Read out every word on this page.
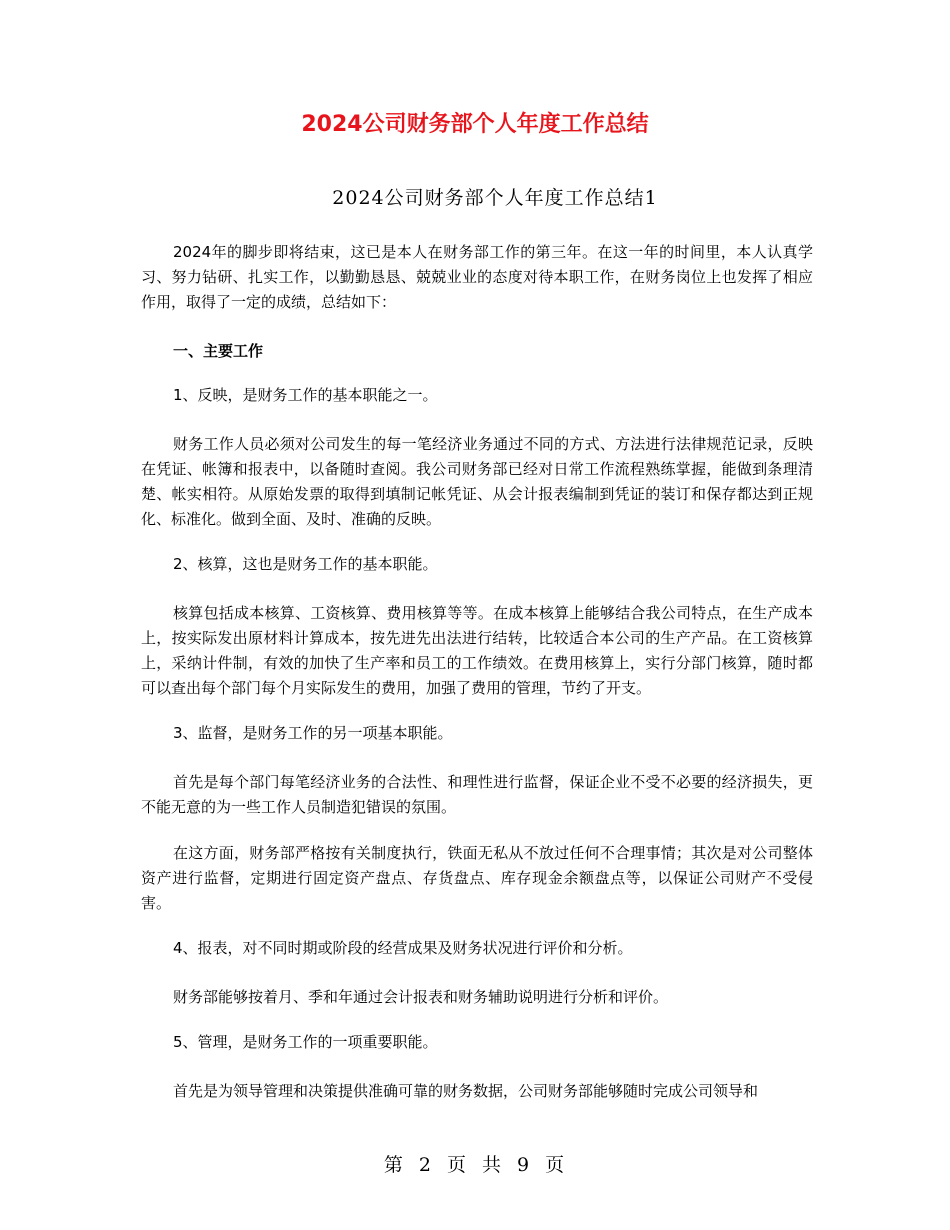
2024公司财务部个人年度工作总结
2024公司财务部个人年度工作总结1

2024年的脚步即将结束，这已是本人在财务部工作的第三年。在这一年的时间里，本人认真学习、努力钻研、扎实工作，以勤勤恳恳、兢兢业业的态度对待本职工作，在财务岗位上也发挥了相应作用，取得了一定的成绩，总结如下：

一、主要工作

1、反映，是财务工作的基本职能之一。

财务工作人员必须对公司发生的每一笔经济业务通过不同的方式、方法进行法律规范记录，反映在凭证、帐簿和报表中，以备随时查阅。我公司财务部已经对日常工作流程熟练掌握，能做到条理清楚、帐实相符。从原始发票的取得到填制记帐凭证、从会计报表编制到凭证的装订和保存都达到正规化、标准化。做到全面、及时、准确的反映。

2、核算，这也是财务工作的基本职能。

核算包括成本核算、工资核算、费用核算等等。在成本核算上能够结合我公司特点，在生产成本上，按实际发出原材料计算成本，按先进先出法进行结转，比较适合本公司的生产产品。在工资核算上，采纳计件制，有效的加快了生产率和员工的工作绩效。在费用核算上，实行分部门核算，随时都可以查出每个部门每个月实际发生的费用，加强了费用的管理，节约了开支。

3、监督，是财务工作的另一项基本职能。

首先是每个部门每笔经济业务的合法性、和理性进行监督，保证企业不受不必要的经济损失，更不能无意的为一些工作人员制造犯错误的氛围。

在这方面，财务部严格按有关制度执行，铁面无私从不放过任何不合理事情；其次是对公司整体资产进行监督，定期进行固定资产盘点、存货盘点、库存现金余额盘点等，以保证公司财产不受侵害。

4、报表，对不同时期或阶段的经营成果及财务状况进行评价和分析。

财务部能够按着月、季和年通过会计报表和财务辅助说明进行分析和评价。

5、管理，是财务工作的一项重要职能。

首先是为领导管理和决策提供准确可靠的财务数据，公司财务部能够随时完成公司领导和

第 2 页 共 9 页
